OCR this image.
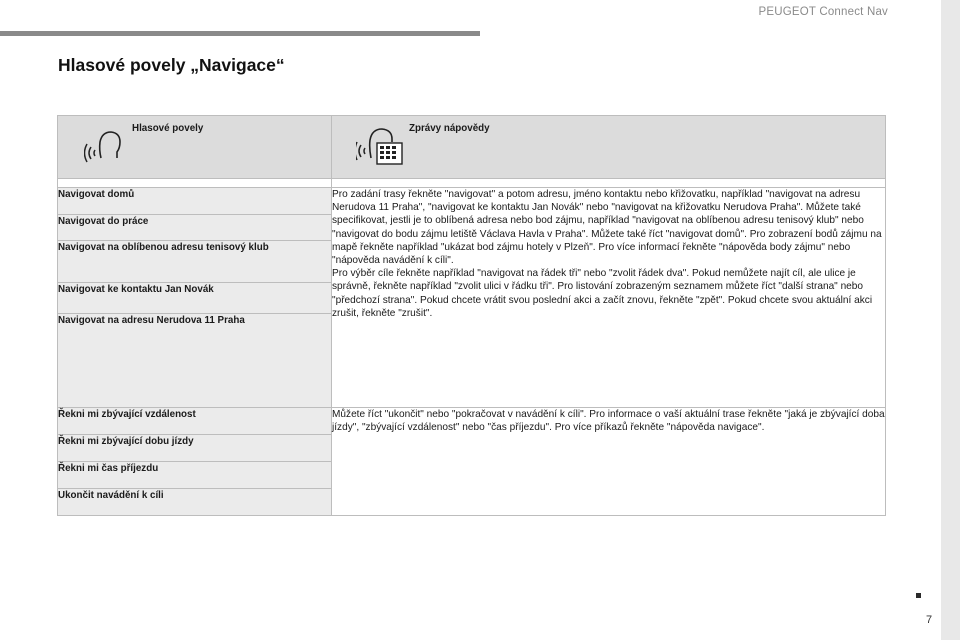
PEUGEOT Connect Nav
Hlasové povely „Navigace“
Hlasové povely	Zprávy nápovědy

Navigovat domů	Pro zadání trasy řekněte "navigovat" a potom adresu, jméno kontaktu nebo křižovatku, například "navigovat na adresu Nerudova 11 Praha", "navigovat ke kontaktu Jan Novák" nebo "navigovat na křižovatku Nerudova Praha". Můžete také specifikovat, jestli je to oblíbená adresa nebo bod zájmu, například "navigovat na oblíbenou adresu tenisový klub" nebo "navigovat do bodu zájmu letiště Václava Havla v Praha". Můžete také říct "navigovat domů". Pro zobrazení bodů zájmu na mapě řekněte například "ukázat bod zájmu hotely v Plzeň". Pro více informací řekněte "nápověda body zájmu" nebo "nápověda navádění k cíli".
Pro výběr cíle řekněte například "navigovat na řádek tři" nebo "zvolit řádek dva". Pokud nemůžete najít cíl, ale ulice je správně, řekněte například "zvolit ulici v řádku tři". Pro listování zobrazeným seznamem můžete říct "další strana" nebo "předchozí strana". Pokud chcete vrátit svou poslední akci a začít znovu, řekněte "zpět". Pokud chcete svou aktuální akci zrušit, řekněte "zrušit".

Navigovat do práce	
Navigovat na oblíbenou adresu tenisový klub	
Navigovat ke kontaktu Jan Novák	
Navigovat na adresu Nerudova 11 Praha	
Řekni mi zbývající vzdálenost	Můžete říct "ukončit" nebo "pokračovat v navádění k cíli". Pro informace o vaší aktuální trase řekněte "jaká je zbývající doba jízdy", "zbývající vzdálenost" nebo "čas příjezdu". Pro více příkazů řekněte "nápověda navigace".

Řekni mi zbývající dobu jízdy	
Řekni mi čas příjezdu	
Ukončit navádění k cíli	
7
